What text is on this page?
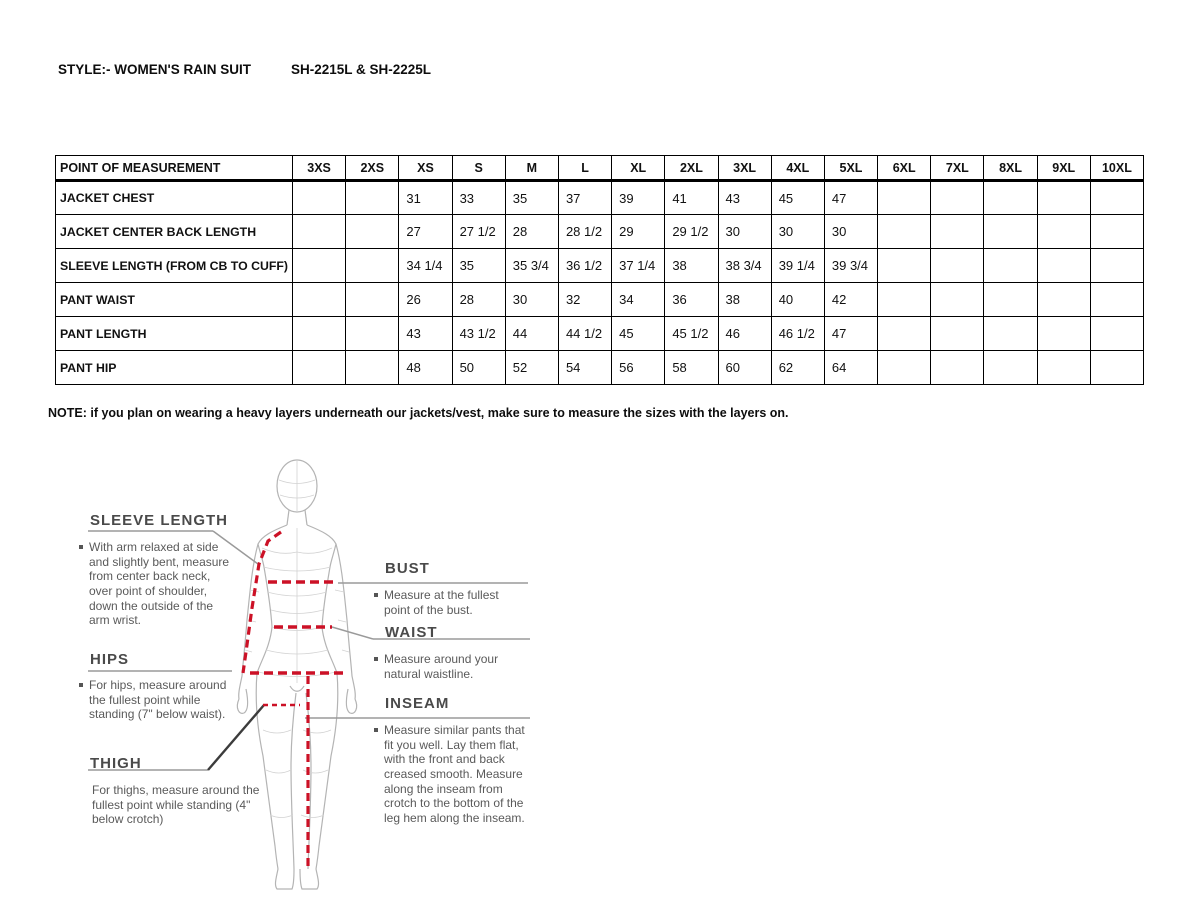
STYLE:- WOMEN'S RAIN SUIT	SH-2215L & SH-2225L
POINT OF MEASUREMENT	3XS	2XS	XS	S	M	L	XL	2XL	3XL	4XL	5XL	6XL	7XL	8XL	9XL	10XL
JACKET CHEST			31	33	35	37	39	41	43	45	47					
JACKET CENTER BACK LENGTH			27	27 1/2	28	28 1/2	29	29 1/2	30	30	30					
SLEEVE LENGTH (FROM CB TO CUFF)			34 1/4	35	35 3/4	36 1/2	37 1/4	38	38 3/4	39 1/4	39 3/4					
PANT WAIST			26	28	30	32	34	36	38	40	42					
PANT LENGTH			43	43 1/2	44	44 1/2	45	45 1/2	46	46 1/2	47					
PANT HIP			48	50	52	54	56	58	60	62	64					
NOTE: if you plan on wearing a heavy layers underneath our jackets/vest, make sure to measure the sizes with the layers on.
SLEEVE LENGTH
With arm relaxed at side and slightly bent, measure from center back neck, over point of shoulder, down the outside of the arm wrist.
HIPS
For hips, measure around the fullest point while standing (7" below waist).
THIGH
For thighs, measure around the fullest point while standing (4" below crotch)
BUST
Measure at the fullest point of the bust.
WAIST
Measure around your natural waistline.
INSEAM
Measure similar pants that fit you well. Lay them flat, with the front and back creased smooth. Measure along the inseam from crotch to the bottom of the leg hem along the inseam.
